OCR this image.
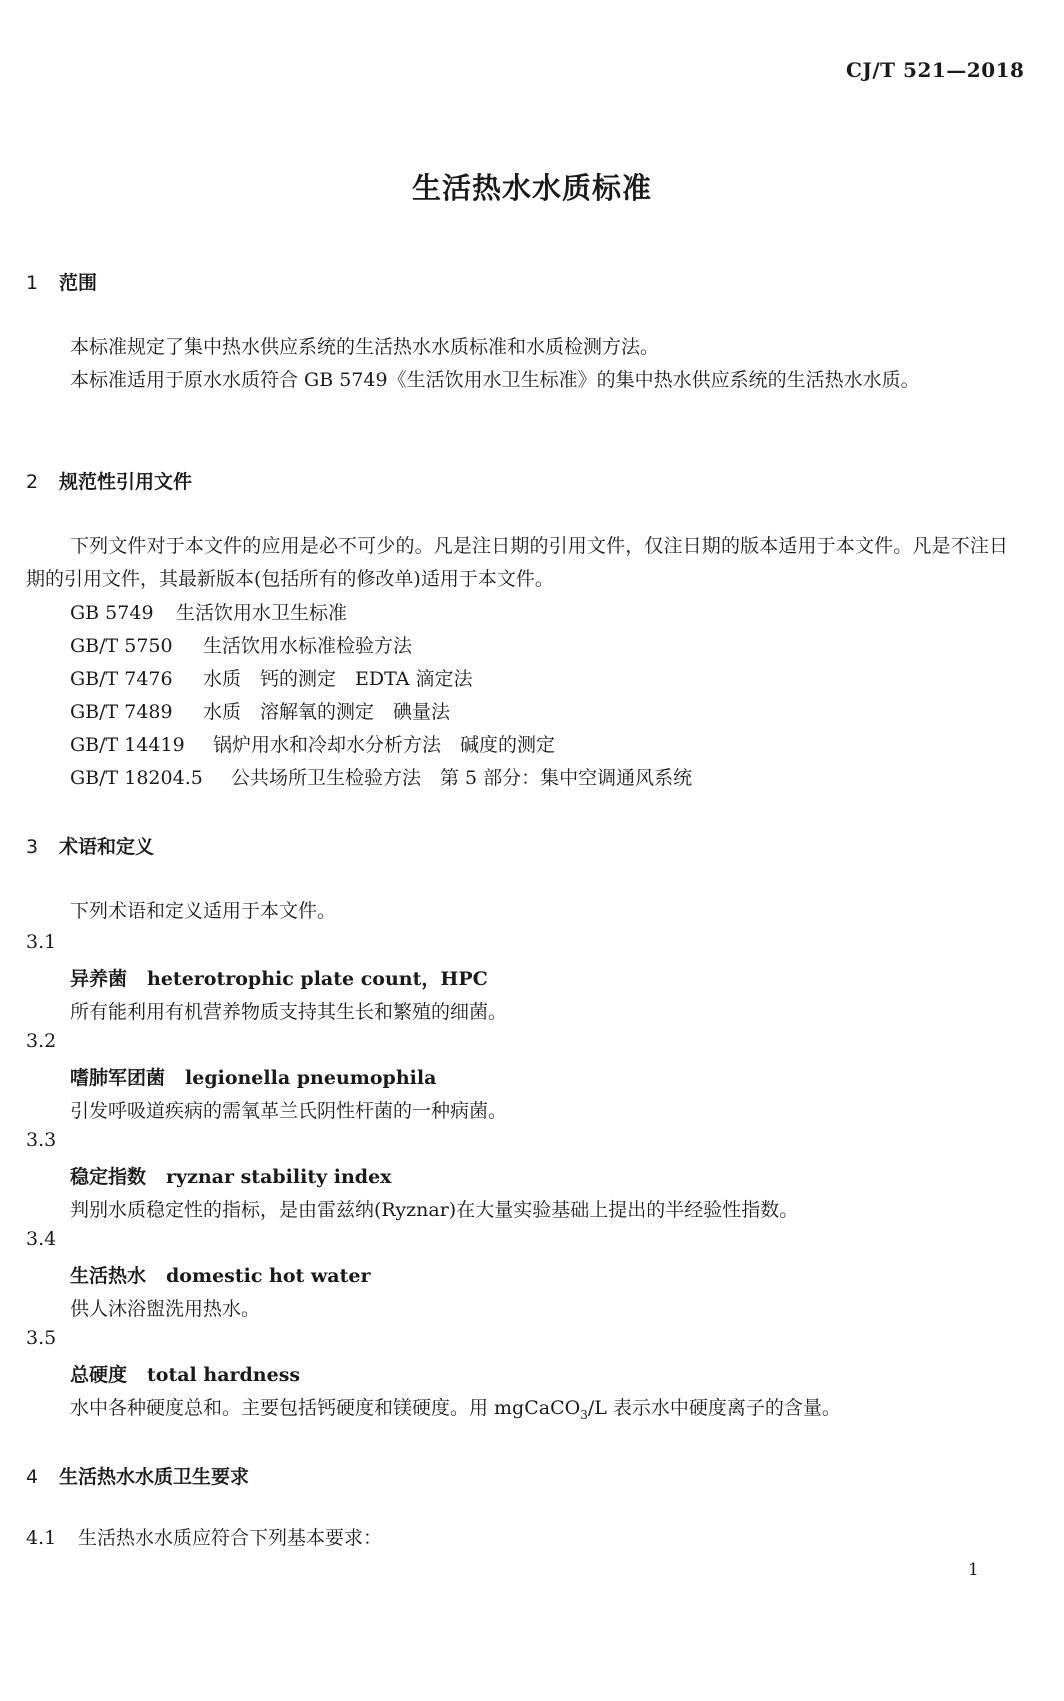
CJ/T 521—2018
生活热水水质标准
1 范围
本标准规定了集中热水供应系统的生活热水水质标准和水质检测方法。
本标准适用于原水水质符合 GB 5749《生活饮用水卫生标准》的集中热水供应系统的生活热水水质。
2 规范性引用文件
下列文件对于本文件的应用是必不可少的。凡是注日期的引用文件，仅注日期的版本适用于本文件。凡是不注日期的引用文件，其最新版本(包括所有的修改单)适用于本文件。
GB 5749 生活饮用水卫生标准
GB/T 5750 生活饮用水标准检验方法
GB/T 7476 水质　钙的测定　EDTA 滴定法
GB/T 7489 水质　溶解氧的测定　碘量法
GB/T 14419 锅炉用水和冷却水分析方法　碱度的测定
GB/T 18204.5 公共场所卫生检验方法　第 5 部分：集中空调通风系统
3 术语和定义
下列术语和定义适用于本文件。
3.1
异养菌 heterotrophic plate count，HPC
所有能利用有机营养物质支持其生长和繁殖的细菌。
3.2
嗜肺军团菌 legionella pneumophila
引发呼吸道疾病的需氧革兰氏阴性杆菌的一种病菌。
3.3
稳定指数 ryznar stability index
判别水质稳定性的指标，是由雷兹纳(Ryznar)在大量实验基础上提出的半经验性指数。
3.4
生活热水 domestic hot water
供人沐浴盥洗用热水。
3.5
总硬度 total hardness
水中各种硬度总和。主要包括钙硬度和镁硬度。用 mgCaCO$_3$/L 表示水中硬度离子的含量。
4 生活热水水质卫生要求
4.1 生活热水水质应符合下列基本要求：
1
